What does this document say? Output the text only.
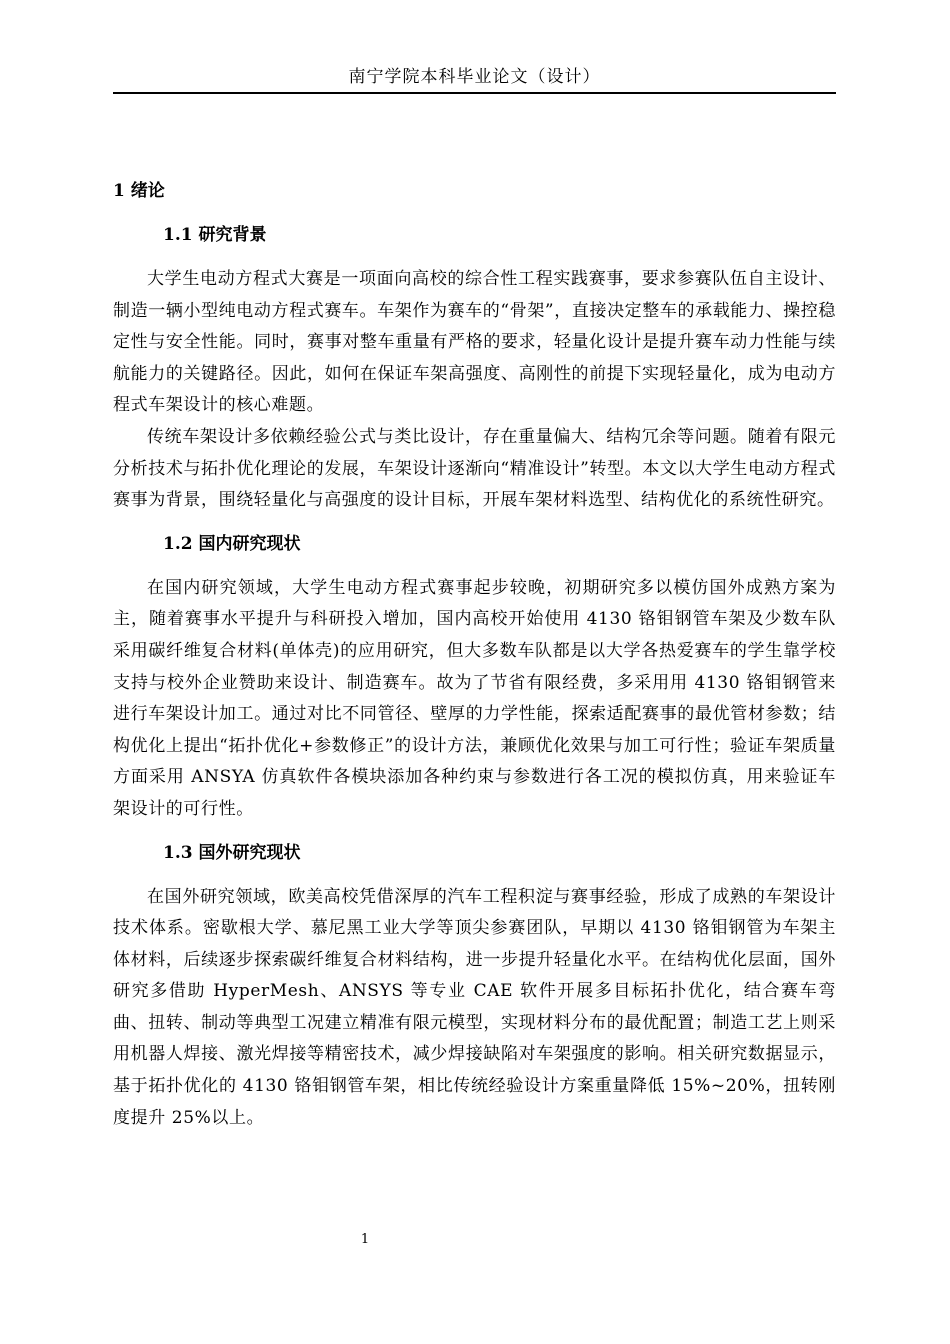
南宁学院本科毕业论文（设计）
1 绪论
1.1 研究背景

大学生电动方程式大赛是一项面向高校的综合性工程实践赛事，要求参赛队伍自主设计、制造一辆小型纯电动方程式赛车。车架作为赛车的“骨架”，直接决定整车的承载能力、操控稳定性与安全性能。同时，赛事对整车重量有严格的要求，轻量化设计是提升赛车动力性能与续航能力的关键路径。因此，如何在保证车架高强度、高刚性的前提下实现轻量化，成为电动方程式车架设计的核心难题。

传统车架设计多依赖经验公式与类比设计，存在重量偏大、结构冗余等问题。随着有限元分析技术与拓扑优化理论的发展，车架设计逐渐向“精准设计”转型。本文以大学生电动方程式赛事为背景，围绕轻量化与高强度的设计目标，开展车架材料选型、结构优化的系统性研究。

1.2 国内研究现状

在国内研究领域，大学生电动方程式赛事起步较晚，初期研究多以模仿国外成熟方案为主，随着赛事水平提升与科研投入增加，国内高校开始使用 4130 铬钼钢管车架及少数车队采用碳纤维复合材料(单体壳)的应用研究，但大多数车队都是以大学各热爱赛车的学生靠学校支持与校外企业赞助来设计、制造赛车。故为了节省有限经费，多采用用 4130 铬钼钢管来进行车架设计加工。通过对比不同管径、壁厚的力学性能，探索适配赛事的最优管材参数；结构优化上提出“拓扑优化+参数修正”的设计方法，兼顾优化效果与加工可行性；验证车架质量方面采用 ANSYA 仿真软件各模块添加各种约束与参数进行各工况的模拟仿真，用来验证车架设计的可行性。

1.3 国外研究现状

在国外研究领域，欧美高校凭借深厚的汽车工程积淀与赛事经验，形成了成熟的车架设计技术体系。密歇根大学、慕尼黑工业大学等顶尖参赛团队，早期以 4130 铬钼钢管为车架主体材料，后续逐步探索碳纤维复合材料结构，进一步提升轻量化水平。在结构优化层面，国外研究多借助 HyperMesh、ANSYS 等专业 CAE 软件开展多目标拓扑优化，结合赛车弯曲、扭转、制动等典型工况建立精准有限元模型，实现材料分布的最优配置；制造工艺上则采用机器人焊接、激光焊接等精密技术，减少焊接缺陷对车架强度的影响。相关研究数据显示，基于拓扑优化的 4130 铬钼钢管车架，相比传统经验设计方案重量降低 15%~20%，扭转刚度提升 25%以上。

1
